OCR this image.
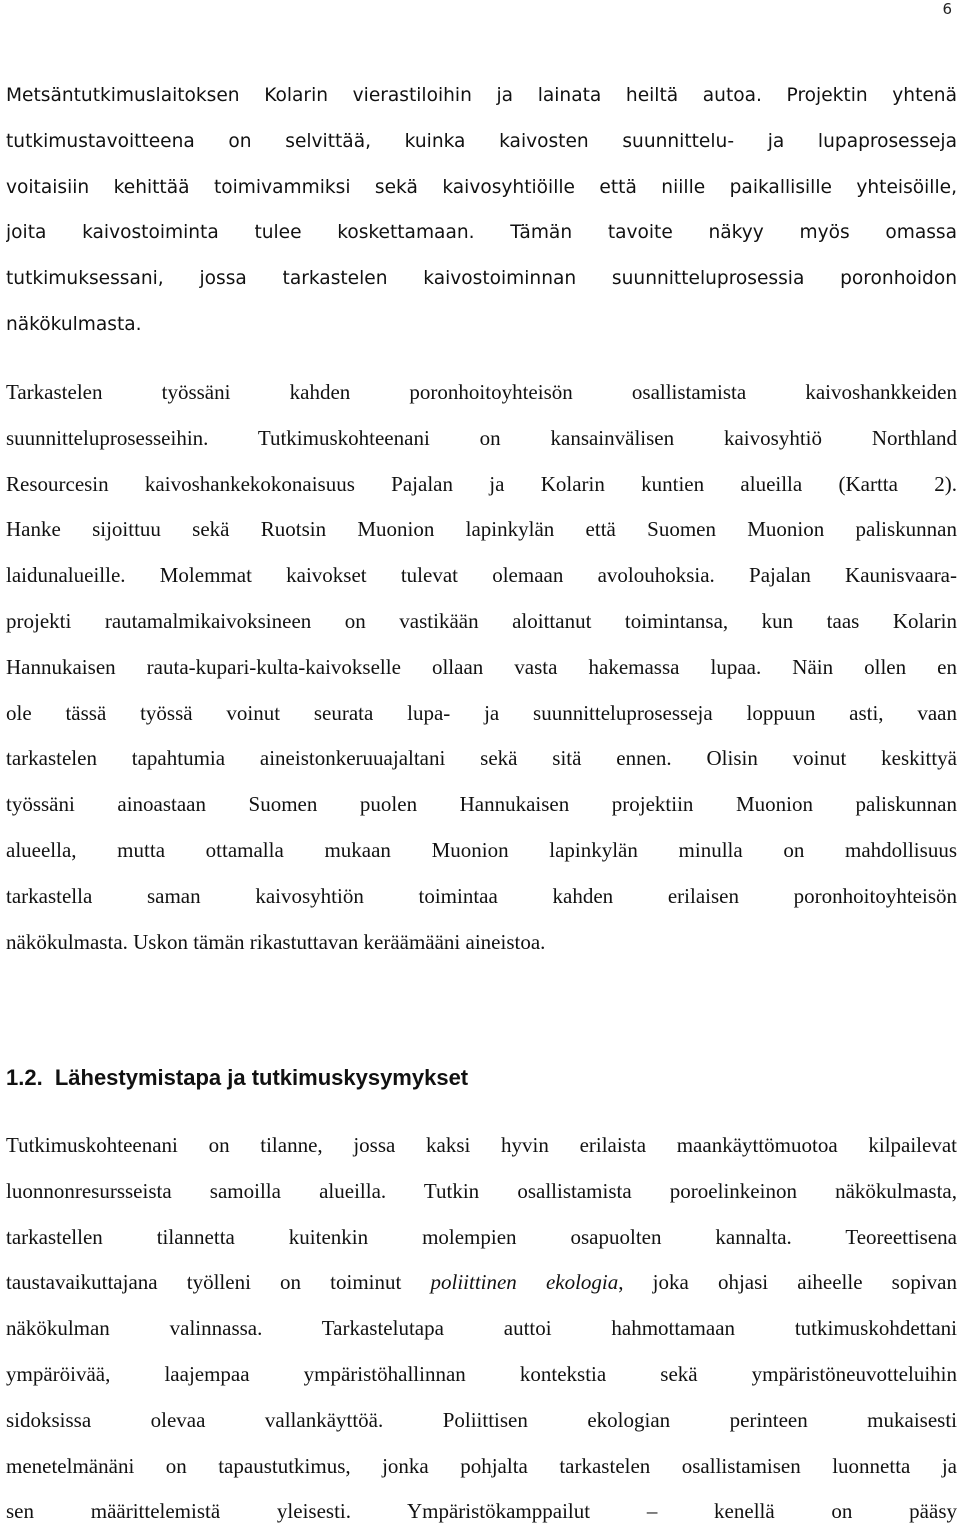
6
Metsäntutkimuslaitoksen Kolarin vierastiloihin ja lainata heiltä autoa. Projektin yhtenä
tutkimustavoitteena on selvittää, kuinka kaivosten suunnittelu- ja lupaprosesseja
voitaisiin kehittää toimivammiksi sekä kaivosyhtiöille että niille paikallisille yhteisöille,
joita kaivostoiminta tulee koskettamaan. Tämän tavoite näkyy myös omassa
tutkimuksessani, jossa tarkastelen kaivostoiminnan suunnitteluprosessia poronhoidon
näkökulmasta.
Tarkastelen työssäni kahden poronhoitoyhteisön osallistamista kaivoshankkeiden
suunnitteluprosesseihin. Tutkimuskohteenani on kansainvälisen kaivosyhtiö Northland
Resourcesin kaivoshankekokonaisuus Pajalan ja Kolarin kuntien alueilla (Kartta 2).
Hanke sijoittuu sekä Ruotsin Muonion lapinkylän että Suomen Muonion paliskunnan
laidunalueille. Molemmat kaivokset tulevat olemaan avolouhoksia. Pajalan Kaunisvaara-
projekti rautamalmikaivoksineen on vastikään aloittanut toimintansa, kun taas Kolarin
Hannukaisen rauta-kupari-kulta-kaivokselle ollaan vasta hakemassa lupaa. Näin ollen en
ole tässä työssä voinut seurata lupa- ja suunnitteluprosesseja loppuun asti, vaan
tarkastelen tapahtumia aineistonkeruuajaltani sekä sitä ennen. Olisin voinut keskittyä
työssäni ainoastaan Suomen puolen Hannukaisen projektiin Muonion paliskunnan
alueella, mutta ottamalla mukaan Muonion lapinkylän minulla on mahdollisuus
tarkastella saman kaivosyhtiön toimintaa kahden erilaisen poronhoitoyhteisön
näkökulmasta. Uskon tämän rikastuttavan keräämääni aineistoa.
1.2. Lähestymistapa ja tutkimuskysymykset
Tutkimuskohteenani on tilanne, jossa kaksi hyvin erilaista maankäyttömuotoa kilpailevat
luonnonresursseista samoilla alueilla. Tutkin osallistamista poroelinkeinon näkökulmasta,
tarkastellen tilannetta kuitenkin molempien osapuolten kannalta. Teoreettisena
taustavaikuttajana työlleni on toiminut poliittinen ekologia, joka ohjasi aiheelle sopivan
näkökulman valinnassa. Tarkastelutapa auttoi hahmottamaan tutkimuskohdettani
ympäröivää, laajempaa ympäristöhallinnan kontekstia sekä ympäristöneuvotteluihin
sidoksissa olevaa vallankäyttöä. Poliittisen ekologian perinteen mukaisesti
menetelmänäni on tapaustutkimus, jonka pohjalta tarkastelen osallistamisen luonnetta ja
sen määrittelemistä yleisesti. Ympäristökamppailut – kenellä on pääsy
